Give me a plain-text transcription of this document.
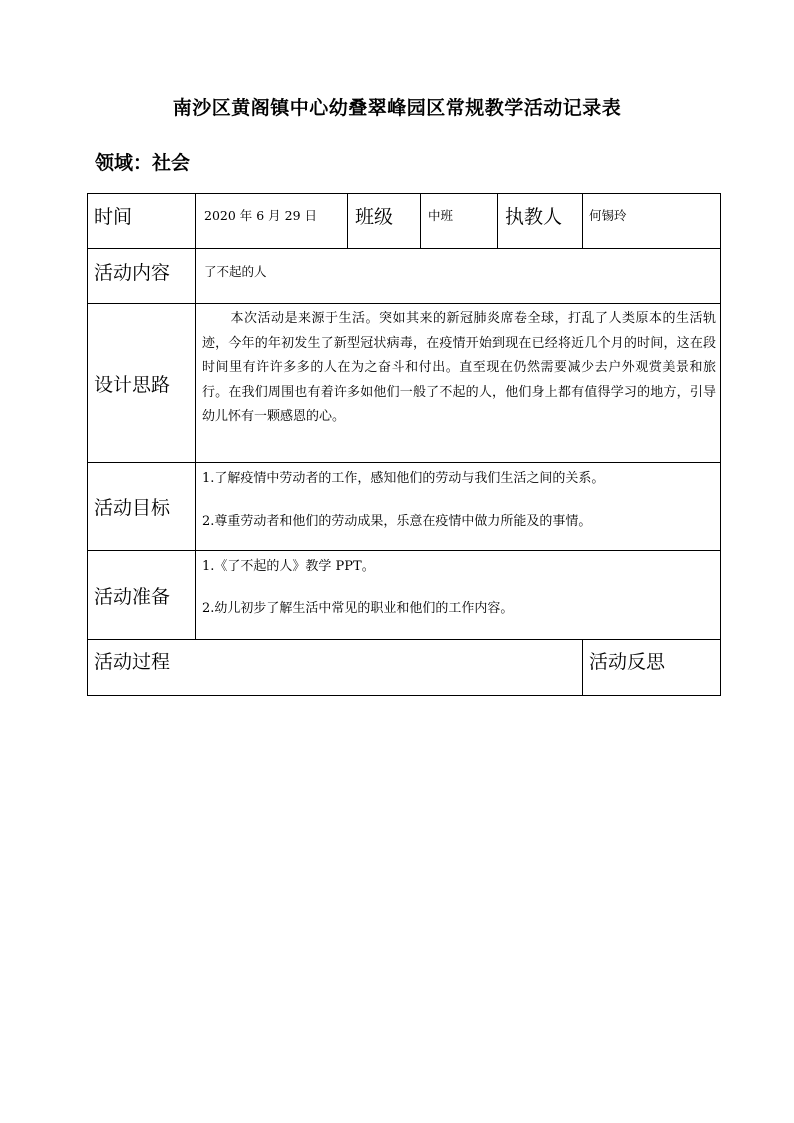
南沙区黄阁镇中心幼叠翠峰园区常规教学活动记录表
领域：社会
时间	2020 年 6 月 29 日	班级	中班	执教人	何锡玲

活动内容	了不起的人				

设计思路	本次活动是来源于生活。突如其来的新冠肺炎席卷全球，打乱了人类原本的生活轨迹，今年的年初发生了新型冠状病毒，在疫情开始到现在已经将近几个月的时间，这在段时间里有许许多多的人在为之奋斗和付出。直至现在仍然需要减少去户外观赏美景和旅行。在我们周围也有着许多如他们一般了不起的人，他们身上都有值得学习的地方，引导幼儿怀有一颗感恩的心。				

活动目标	1.了解疫情中劳动者的工作，感知他们的劳动与我们生活之间的关系。
2.尊重劳动者和他们的劳动成果，乐意在疫情中做力所能及的事情。				

活动准备	1.《了不起的人》教学 PPT。
2.幼儿初步了解生活中常见的职业和他们的工作内容。				

活动过程					活动反思
